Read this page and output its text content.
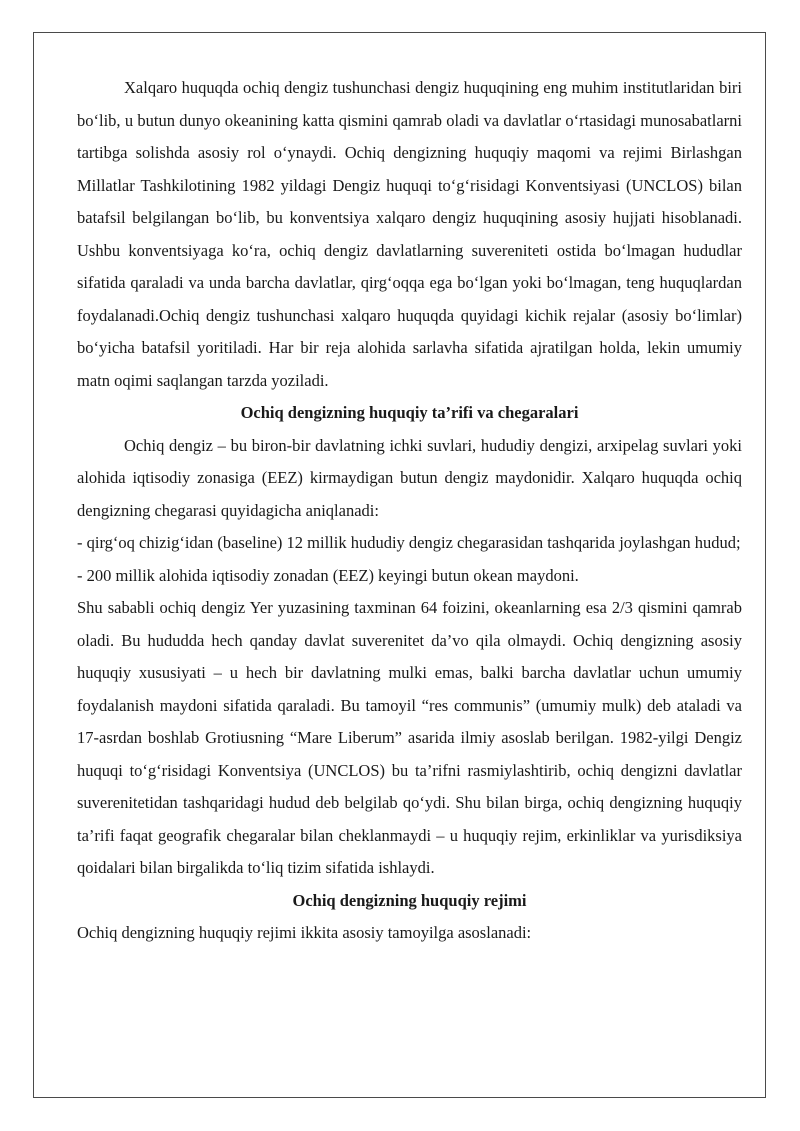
Xalqaro huquqda ochiq dengiz tushunchasi dengiz huquqining eng muhim institutlaridan biri bo‘lib, u butun dunyo okeanining katta qismini qamrab oladi va davlatlar o‘rtasidagi munosabatlarni tartibga solishda asosiy rol o‘ynaydi. Ochiq dengizning huquqiy maqomi va rejimi Birlashgan Millatlar Tashkilotining 1982 yildagi Dengiz huquqi to‘g‘risidagi Konventsiyasi (UNCLOS) bilan batafsil belgilangan bo‘lib, bu konventsiya xalqaro dengiz huquqining asosiy hujjati hisoblanadi. Ushbu konventsiyaga ko‘ra, ochiq dengiz davlatlarning suvereniteti ostida bo‘lmagan hududlar sifatida qaraladi va unda barcha davlatlar, qirg‘oqqa ega bo‘lgan yoki bo‘lmagan, teng huquqlardan foydalanadi.Ochiq dengiz tushunchasi xalqaro huquqda quyidagi kichik rejalar (asosiy bo‘limlar) bo‘yicha batafsil yoritiladi. Har bir reja alohida sarlavha sifatida ajratilgan holda, lekin umumiy matn oqimi saqlangan tarzda yoziladi.

Ochiq dengizning huquqiy ta’rifi va chegaralari

Ochiq dengiz – bu biron-bir davlatning ichki suvlari, hududiy dengizi, arxipelag suvlari yoki alohida iqtisodiy zonasiga (EEZ) kirmaydigan butun dengiz maydonidir. Xalqaro huquqda ochiq dengizning chegarasi quyidagicha aniqlanadi:

- qirg‘oq chizig‘idan (baseline) 12 millik hududiy dengiz chegarasidan tashqarida joylashgan hudud;

- 200 millik alohida iqtisodiy zonadan (EEZ) keyingi butun okean maydoni.

Shu sababli ochiq dengiz Yer yuzasining taxminan 64 foizini, okeanlarning esa 2/3 qismini qamrab oladi. Bu hududda hech qanday davlat suverenitet da’vo qila olmaydi. Ochiq dengizning asosiy huquqiy xususiyati – u hech bir davlatning mulki emas, balki barcha davlatlar uchun umumiy foydalanish maydoni sifatida qaraladi. Bu tamoyil “res communis” (umumiy mulk) deb ataladi va 17-asrdan boshlab Grotiusning “Mare Liberum” asarida ilmiy asoslab berilgan. 1982-yilgi Dengiz huquqi to‘g‘risidagi Konventsiya (UNCLOS) bu ta’rifni rasmiylashtirib, ochiq dengizni davlatlar suverenitetidan tashqaridagi hudud deb belgilab qo‘ydi. Shu bilan birga, ochiq dengizning huquqiy ta’rifi faqat geografik chegaralar bilan cheklanmaydi – u huquqiy rejim, erkinliklar va yurisdiksiya qoidalari bilan birgalikda to‘liq tizim sifatida ishlaydi.

Ochiq dengizning huquqiy rejimi

Ochiq dengizning huquqiy rejimi ikkita asosiy tamoyilga asoslanadi:
